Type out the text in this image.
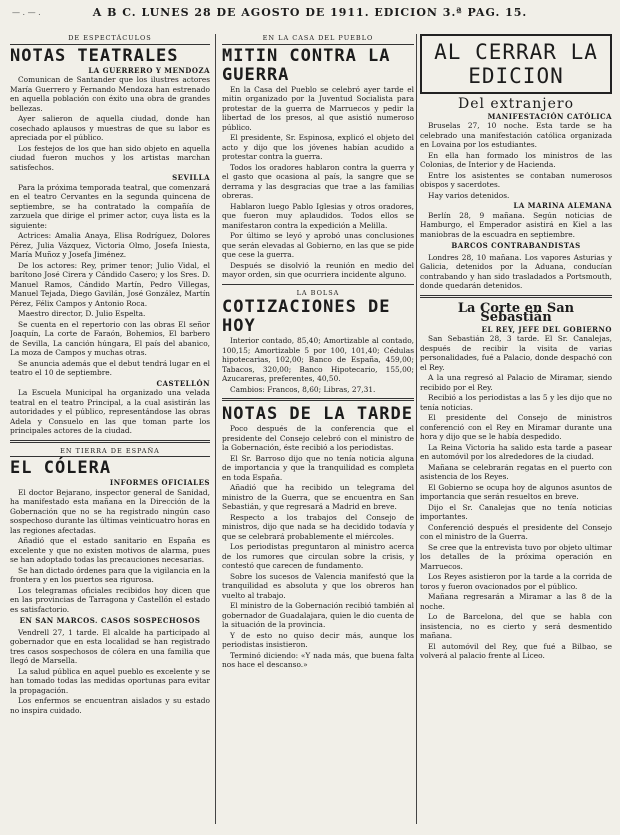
— . — .	A B C. LUNES 28 DE AGOSTO DE 1911. EDICION 3.ª PAG. 15.
DE ESPECTÁCULOS
NOTAS TEATRALES
LA GUERRERO Y MENDOZA

Comunican de Santander que los ilustres actores María Guerrero y Fernando Mendoza han estrenado en aquella población con éxito una obra de grandes bellezas.

Ayer salieron de aquella ciudad, donde han cosechado aplausos y muestras de que su labor es apreciada por el público.

Los festejos de los que han sido objeto en aquella ciudad fueron muchos y los artistas marchan satisfechos.

SEVILLA

Para la próxima temporada teatral, que comenzará en el teatro Cervantes en la segunda quincena de septiembre, se ha contratado la compañía de zarzuela que dirige el primer actor, cuya lista es la siguiente:

Actrices: Amalia Anaya, Elisa Rodríguez, Dolores Pérez, Julia Vázquez, Victoria Olmo, Josefa Iniesta, María Muñoz y Josefa Jiménez.

De los actores: Rey, primer tenor; Julio Vidal, el barítono José Cirera y Cándido Casero; y los Sres. D. Manuel Ramos, Cándido Martín, Pedro Villegas, Manuel Tejada, Diego Gavilán, José González, Martín Pérez, Félix Campos y Antonio Roca.

Maestro director, D. Julio Espelta.

Se cuenta en el repertorio con las obras El señor Joaquín, La corte de Faraón, Bohemios, El barbero de Sevilla, La canción húngara, El país del abanico, La moza de Campos y muchas otras.

Se anuncia además que el debut tendrá lugar en el teatro el 10 de septiembre.

CASTELLÓN

La Escuela Municipal ha organizado una velada teatral en el teatro Principal, a la cual asistirán las autoridades y el público, representándose las obras Adela y Consuelo en las que toman parte los principales actores de la ciudad.

EN TIERRA DE ESPAÑA
EL CÓLERA
INFORMES OFICIALES

El doctor Bejarano, inspector general de Sanidad, ha manifestado esta mañana en la Dirección de la Gobernación que no se ha registrado ningún caso sospechoso durante las últimas veinticuatro horas en las regiones afectadas.

Añadió que el estado sanitario en España es excelente y que no existen motivos de alarma, pues se han adoptado todas las precauciones necesarias.

Se han dictado órdenes para que la vigilancia en la frontera y en los puertos sea rigurosa.

Los telegramas oficiales recibidos hoy dicen que en las provincias de Tarragona y Castellón el estado es satisfactorio.

EN SAN MARCOS. CASOS SOSPECHOSOS

Vendrell 27, 1 tarde. El alcalde ha participado al gobernador que en esta localidad se han registrado tres casos sospechosos de cólera en una familia que llegó de Marsella.

La salud pública en aquel pueblo es excelente y se han tomado todas las medidas oportunas para evitar la propagación.

Los enfermos se encuentran aislados y su estado no inspira cuidado.

EN LA CASA DEL PUEBLO
MITIN CONTRA LA GUERRA

En la Casa del Pueblo se celebró ayer tarde el mitin organizado por la Juventud Socialista para protestar de la guerra de Marruecos y pedir la libertad de los presos, al que asistió numeroso público.

El presidente, Sr. Espinosa, explicó el objeto del acto y dijo que los jóvenes habían acudido a protestar contra la guerra.

Todos los oradores hablaron contra la guerra y el gasto que ocasiona al país, la sangre que se derrama y las desgracias que trae a las familias obreras.

Hablaron luego Pablo Iglesias y otros oradores, que fueron muy aplaudidos. Todos ellos se manifestaron contra la expedición a Melilla.

Por último se leyó y aprobó unas conclusiones que serán elevadas al Gobierno, en las que se pide que cese la guerra.

Después se disolvió la reunión en medio del mayor orden, sin que ocurriera incidente alguno.

LA BOLSA
COTIZACIONES DE HOY

Interior contado, 85,40; Amortizable al contado, 100,15; Amortizable 5 por 100, 101,40; Cédulas hipotecarias, 102,00; Banco de España, 459,00; Tabacos, 320,00; Banco Hipotecario, 155,00; Azucareras, preferentes, 40,50.

Cambios: Francos, 8,60; Libras, 27,31.

NOTAS DE LA TARDE

Poco después de la conferencia que el presidente del Consejo celebró con el ministro de la Gobernación, éste recibió a los periodistas.

El Sr. Barroso dijo que no tenía noticia alguna de importancia y que la tranquilidad es completa en toda España.

Añadió que ha recibido un telegrama del ministro de la Guerra, que se encuentra en San Sebastián, y que regresará a Madrid en breve.

Respecto a los trabajos del Consejo de ministros, dijo que nada se ha decidido todavía y que se celebrará probablemente el miércoles.

Los periodistas preguntaron al ministro acerca de los rumores que circulan sobre la crisis, y contestó que carecen de fundamento.

Sobre los sucesos de Valencia manifestó que la tranquilidad es absoluta y que los obreros han vuelto al trabajo.

El ministro de la Gobernación recibió también al gobernador de Guadalajara, quien le dio cuenta de la situación de la provincia.

Y de esto no quiso decir más, aunque los periodistas insistieron.

Terminó diciendo: «Y nada más, que buena falta nos hace el descanso.»

AL CERRAR LA EDICION
Del extranjero
MANIFESTACIÓN CATÓLICA

Bruselas 27, 10 noche. Esta tarde se ha celebrado una manifestación católica organizada en Lovaina por los estudiantes.

En ella han formado los ministros de las Colonias, de Interior y de Hacienda.

Entre los asistentes se contaban numerosos obispos y sacerdotes.

Hay varios detenidos.

LA MARINA ALEMANA

Berlín 28, 9 mañana. Según noticias de Hamburgo, el Emperador asistirá en Kiel a las maniobras de la escuadra en septiembre.

BARCOS CONTRABANDISTAS

Londres 28, 10 mañana. Los vapores Asturias y Galicia, detenidos por la Aduana, conducían contrabando y han sido trasladados a Portsmouth, donde quedarán detenidos.

La Corte en San Sebastián
EL REY, JEFE DEL GOBIERNO

San Sebastián 28, 3 tarde. El Sr. Canalejas, después de recibir la visita de varias personalidades, fué a Palacio, donde despachó con el Rey.

A la una regresó al Palacio de Miramar, siendo recibido por el Rey.

Recibió a los periodistas a las 5 y les dijo que no tenía noticias.

El presidente del Consejo de ministros conferenció con el Rey en Miramar durante una hora y dijo que se le había despedido.

La Reina Victoria ha salido esta tarde a pasear en automóvil por los alrededores de la ciudad.

Mañana se celebrarán regatas en el puerto con asistencia de los Reyes.

El Gobierno se ocupa hoy de algunos asuntos de importancia que serán resueltos en breve.

Dijo el Sr. Canalejas que no tenía noticias importantes.

Conferenció después el presidente del Consejo con el ministro de la Guerra.

Se cree que la entrevista tuvo por objeto ultimar los detalles de la próxima operación en Marruecos.

Los Reyes asistieron por la tarde a la corrida de toros y fueron ovacionados por el público.

Mañana regresarán a Miramar a las 8 de la noche.

Lo de Barcelona, del que se habla con insistencia, no es cierto y será desmentido mañana.

El automóvil del Rey, que fué a Bilbao, se volverá al palacio frente al Liceo.
